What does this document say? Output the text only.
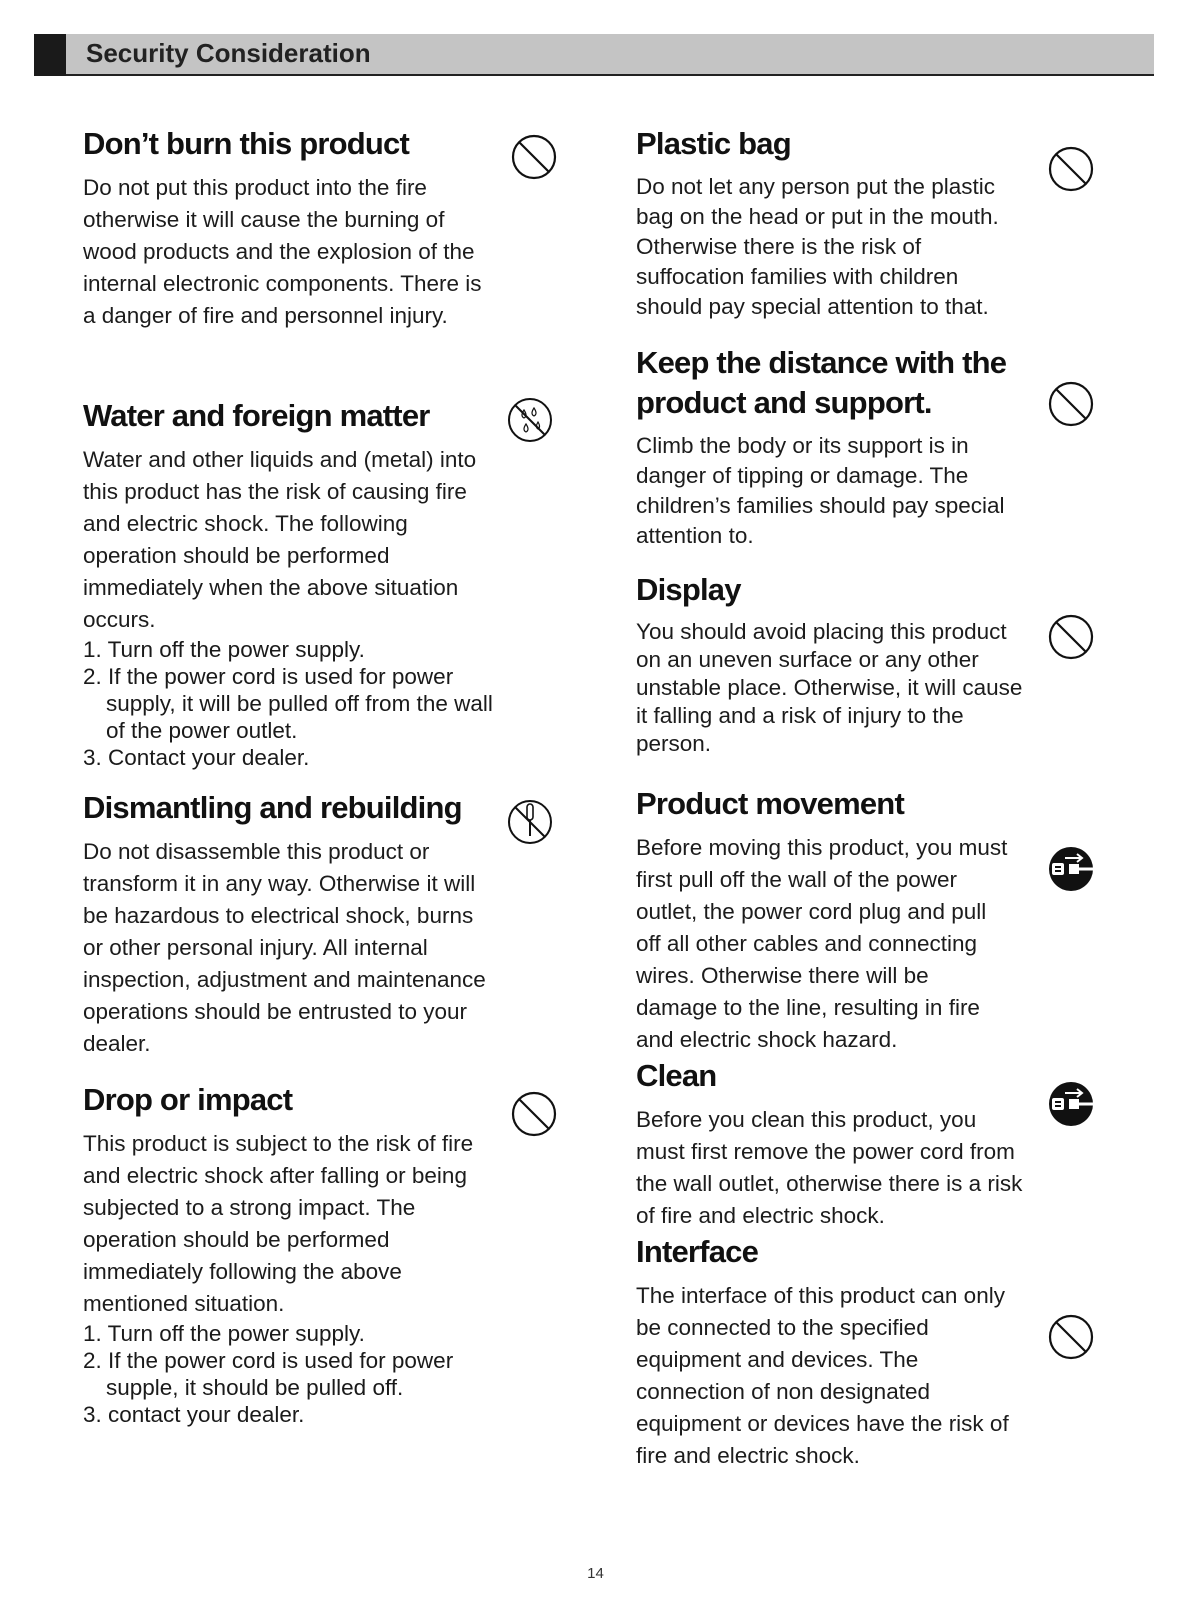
Security Consideration
Don’t burn this product

Do not put this product into the fire otherwise it will cause the burning of wood products and the explosion of the internal electronic components. There is a danger of fire and personnel injury.

Water and foreign matter

Water and other liquids and (metal) into this product has the risk of causing fire and electric shock. The following operation should be performed immediately when the above situation occurs.

1. Turn off the power supply.
2. If the power cord is used for power supply, it will be pulled off from the wall of the power outlet.
3. Contact your dealer.
Dismantling and rebuilding

Do not disassemble this product or transform it in any way. Otherwise it will be hazardous to electrical shock, burns or other personal injury. All internal inspection, adjustment and maintenance operations should be entrusted to your dealer.

Drop or impact

This product is subject to the risk of fire and electric shock after falling or being subjected to a strong impact. The operation should be performed immediately following the above mentioned situation.

1. Turn off the power supply.
2. If the power cord is used for power supple, it should be pulled off.
3. contact your dealer.
Plastic bag

Do not let any person put the plastic bag on the head or put in the mouth. Otherwise there is the risk of suffocation families with children should pay special attention to that.

Keep the distance with the product and support.

Climb the body or its support is in danger of tipping or damage. The children’s families should pay special attention to.

Display

You should avoid placing this product on an uneven surface or any other unstable place. Otherwise, it will cause it falling and a risk of injury to the person.

Product movement

Before moving this product, you must first pull off the wall of the power outlet, the power cord plug and pull off all other cables and connecting wires. Otherwise there will be damage to the line, resulting in fire and electric shock hazard.

Clean

Before you clean this product, you must first remove the power cord from the wall outlet, otherwise there is a risk of fire and electric shock.

Interface

The interface of this product can only be connected to the specified equipment and devices. The connection of non designated equipment or devices have the risk of fire and electric shock.

14
